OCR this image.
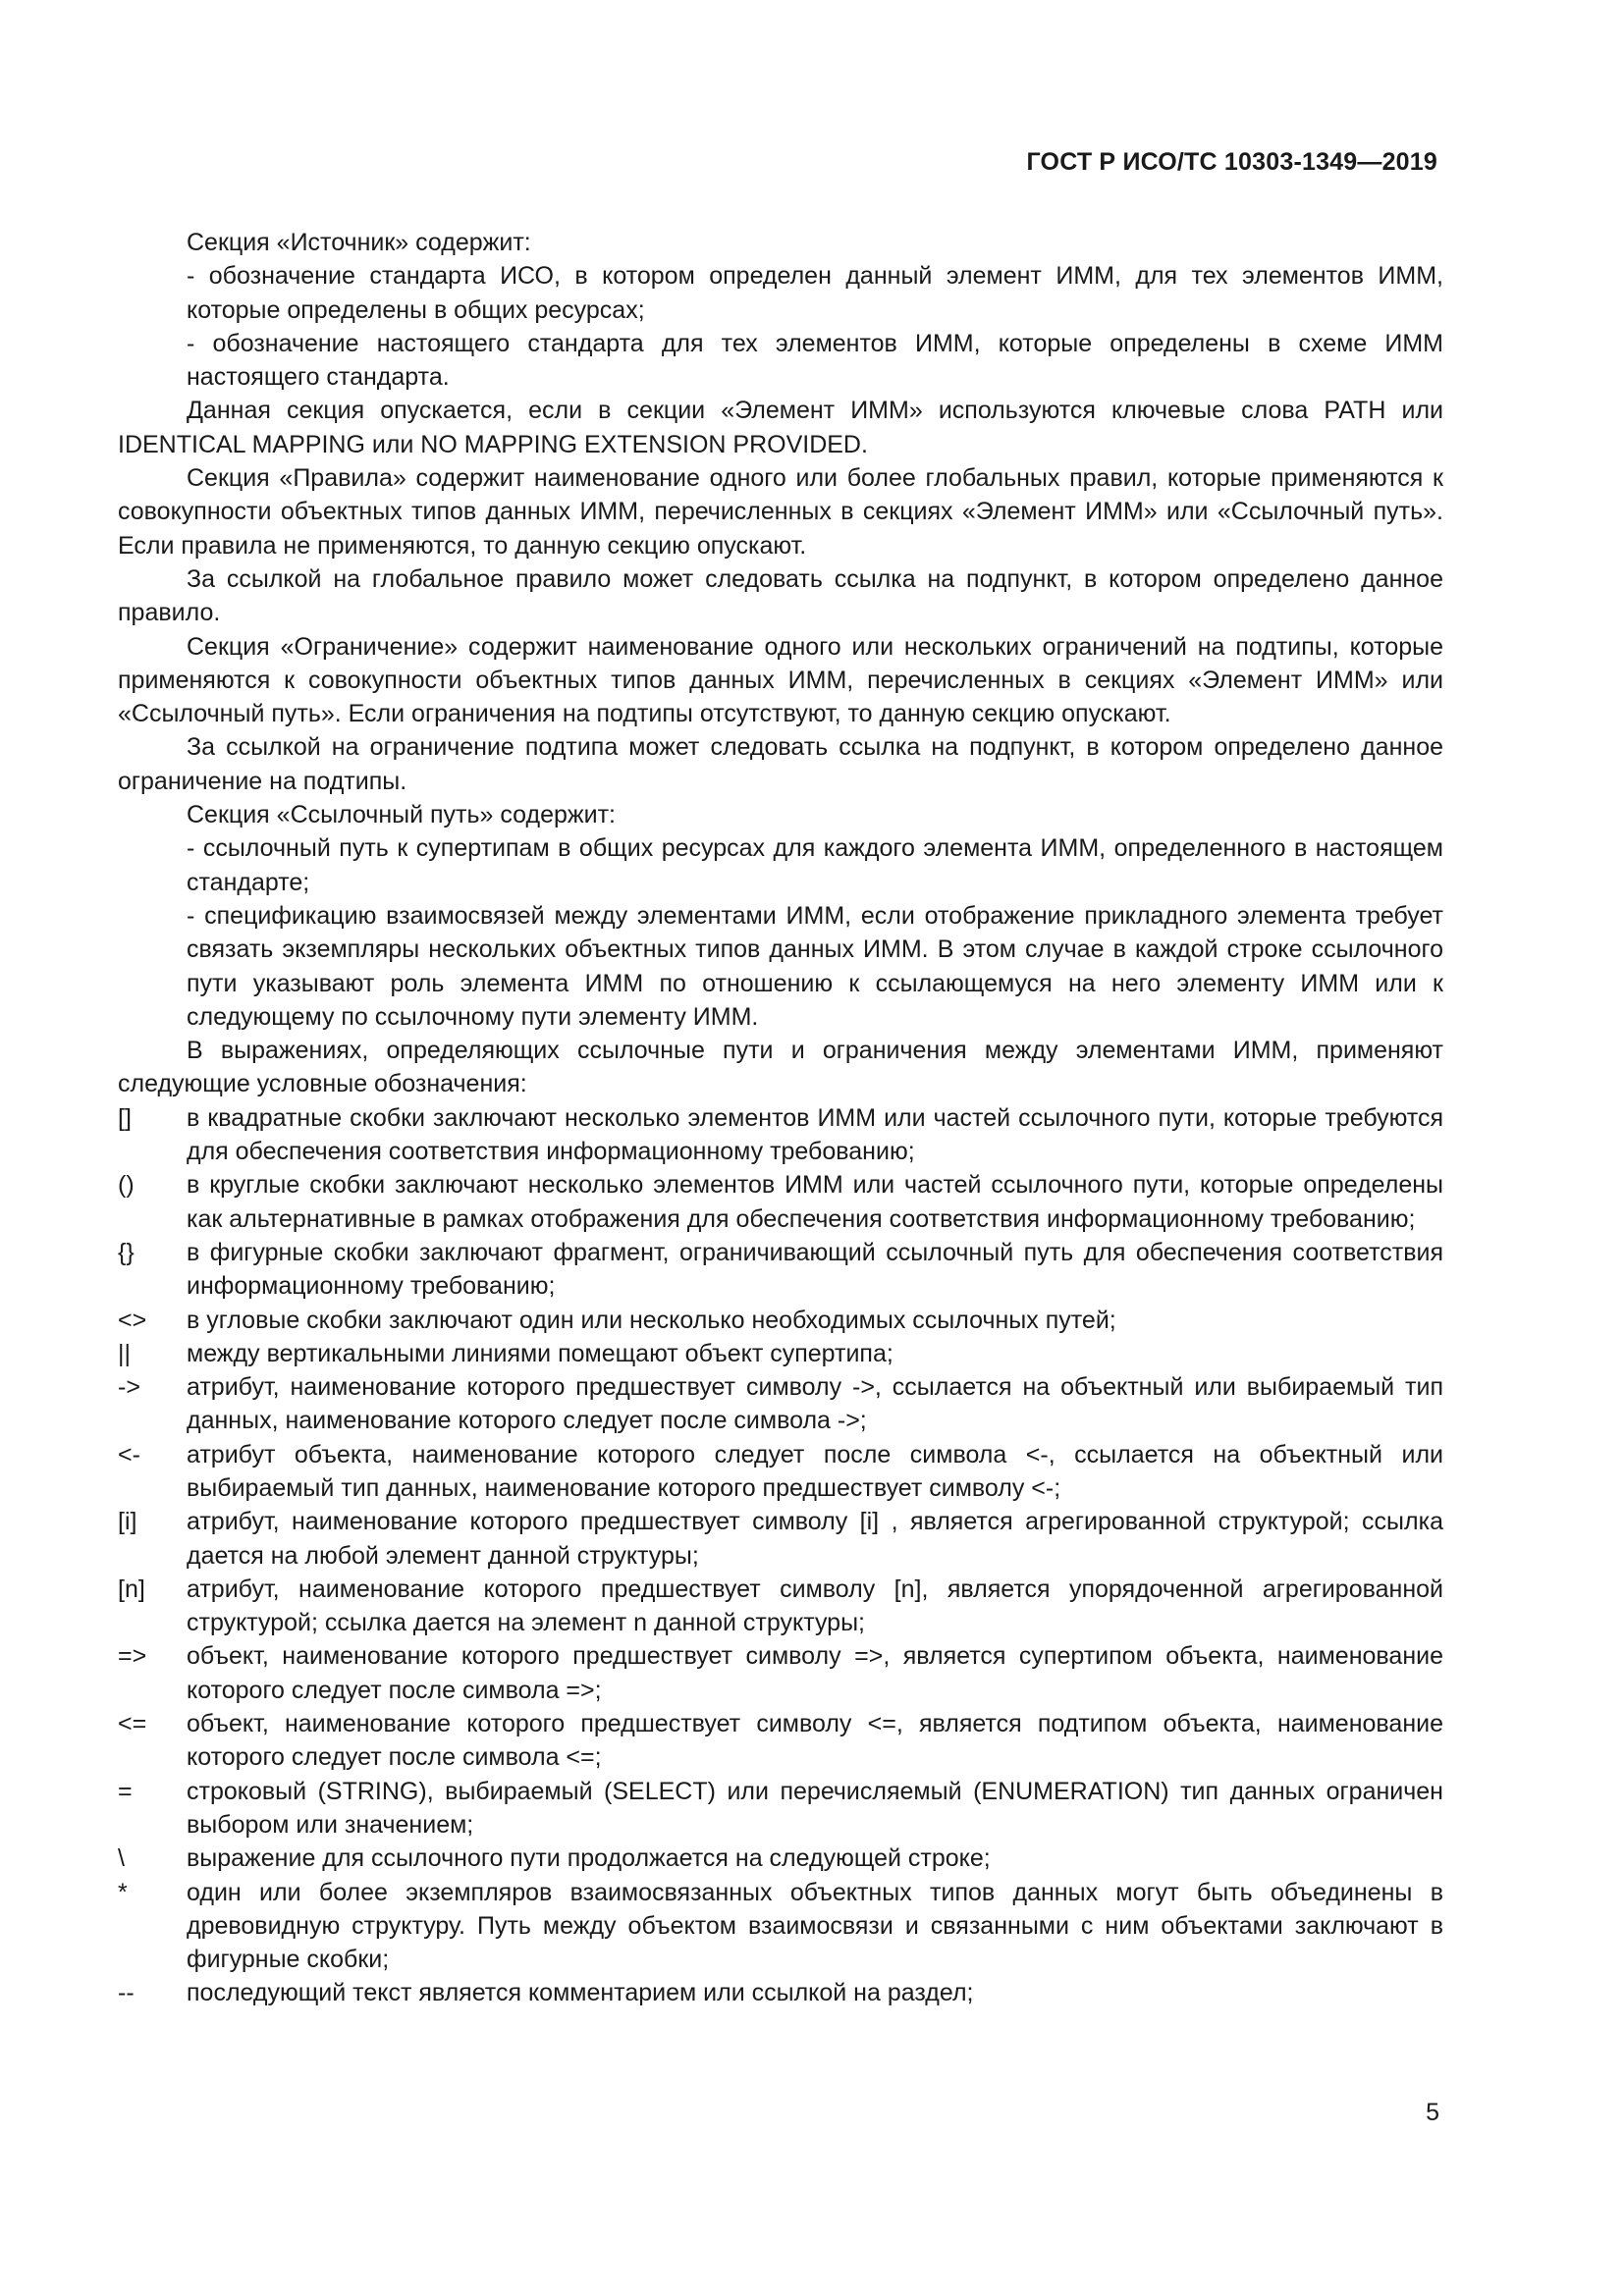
ГОСТ Р ИСО/ТС 10303-1349—2019

Секция «Источник» содержит:

- обозначение стандарта ИСО, в котором определен данный элемент ИММ, для тех элементов ИММ, которые определены в общих ресурсах;

- обозначение настоящего стандарта для тех элементов ИММ, которые определены в схеме ИММ настоящего стандарта.

Данная секция опускается, если в секции «Элемент ИММ» используются ключевые слова PATH или IDENTICAL MAPPING или NO MAPPING EXTENSION PROVIDED.

Секция «Правила» содержит наименование одного или более глобальных правил, которые применяются к совокупности объектных типов данных ИММ, перечисленных в секциях «Элемент ИММ» или «Ссылочный путь». Если правила не применяются, то данную секцию опускают.

За ссылкой на глобальное правило может следовать ссылка на подпункт, в котором определено данное правило.

Секция «Ограничение» содержит наименование одного или нескольких ограничений на подтипы, которые применяются к совокупности объектных типов данных ИММ, перечисленных в секциях «Элемент ИММ» или «Ссылочный путь». Если ограничения на подтипы отсутствуют, то данную секцию опускают.

За ссылкой на ограничение подтипа может следовать ссылка на подпункт, в котором определено данное ограничение на подтипы.

Секция «Ссылочный путь» содержит:

- ссылочный путь к супертипам в общих ресурсах для каждого элемента ИММ, определенного в настоящем стандарте;

- спецификацию взаимосвязей между элементами ИММ, если отображение прикладного элемента требует связать экземпляры нескольких объектных типов данных ИММ. В этом случае в каждой строке ссылочного пути указывают роль элемента ИММ по отношению к ссылающемуся на него элементу ИММ или к следующему по ссылочному пути элементу ИММ.

В выражениях, определяющих ссылочные пути и ограничения между элементами ИММ, применяют следующие условные обозначения:

[] в квадратные скобки заключают несколько элементов ИММ или частей ссылочного пути, которые требуются для обеспечения соответствия информационному требованию;
() в круглые скобки заключают несколько элементов ИММ или частей ссылочного пути, которые определены как альтернативные в рамках отображения для обеспечения соответствия информационному требованию;
{} в фигурные скобки заключают фрагмент, ограничивающий ссылочный путь для обеспечения соответствия информационному требованию;
<> в угловые скобки заключают один или несколько необходимых ссылочных путей;
|| между вертикальными линиями помещают объект супертипа;
-> атрибут, наименование которого предшествует символу ->, ссылается на объектный или выбираемый тип данных, наименование которого следует после символа ->;
<- атрибут объекта, наименование которого следует после символа <-, ссылается на объектный или выбираемый тип данных, наименование которого предшествует символу <-;
[i] атрибут, наименование которого предшествует символу [i] , является агрегированной структурой; ссылка дается на любой элемент данной структуры;
[n] атрибут, наименование которого предшествует символу [n], является упорядоченной агрегированной структурой; ссылка дается на элемент n данной структуры;
=> объект, наименование которого предшествует символу =>, является супертипом объекта, наименование которого следует после символа =>;
<= объект, наименование которого предшествует символу <=, является подтипом объекта, наименование которого следует после символа <=;
= строковый (STRING), выбираемый (SELECT) или перечисляемый (ENUMERATION) тип данных ограничен выбором или значением;
\	выражение для ссылочного пути продолжается на следующей строке;
* один или более экземпляров взаимосвязанных объектных типов данных могут быть объединены в древовидную структуру. Путь между объектом взаимосвязи и связанными с ним объектами заключают в фигурные скобки;
-- последующий текст является комментарием или ссылкой на раздел;
5
